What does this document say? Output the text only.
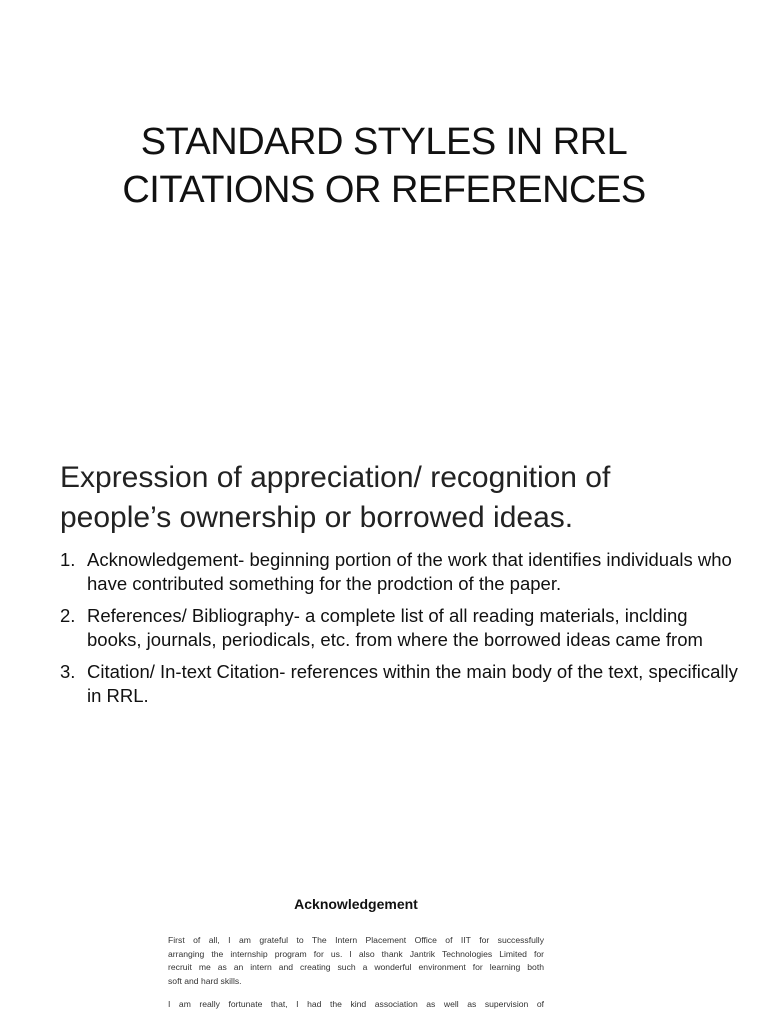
STANDARD STYLES IN RRL
CITATIONS OR REFERENCES
Expression of appreciation/ recognition of
people’s ownership or borrowed ideas.
1. Acknowledgement- beginning portion of the work that identifies individuals who have contributed something for the prodction of the paper.
2. References/ Bibliography- a complete list of all reading materials, inclding books, journals, periodicals, etc. from where the borrowed ideas came from
3. Citation/ In-text Citation- references within the main body of the text, specifically in RRL.
Acknowledgement
First of all, I am grateful to The Intern Placement Office of IIT for successfully
arranging the internship program for us. I also thank Jantrik Technologies Limited for
recruit me as an intern and creating such a wonderful environment for learning both
soft and hard skills.
I am really fortunate that, I had the kind association as well as supervision of
